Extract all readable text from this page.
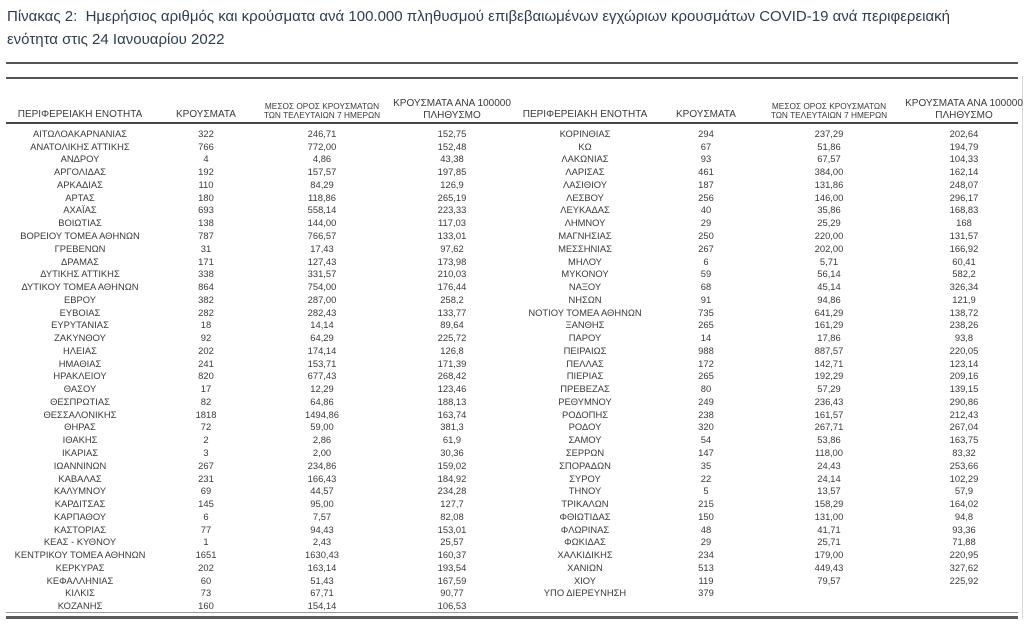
Πίνακας 2:  Ημερήσιος αριθμός και κρούσματα ανά 100.000 πληθυσμού επιβεβαιωμένων εγχώριων κρουσμάτων COVID-19 ανά περιφερειακή
ενότητα στις 24 Ιανουαρίου 2022
ΠΕΡΙΦΕΡΕΙΑΚΗ ΕΝΟΤΗΤΑ	ΚΡΟΥΣΜΑΤΑ
ΜΕΣΟΣ ΟΡΟΣ ΚΡΟΥΣΜΑΤΩΝ
ΤΩΝ ΤΕΛΕΥΤΑΙΩΝ 7 ΗΜΕΡΩΝ
ΚΡΟΥΣΜΑΤΑ ΑΝΑ 100000
ΠΛΗΘΥΣΜΟ
ΑΙΤΩΛΟΑΚΑΡΝΑΝΙΑΣ	322	246,71	152,75
ΑΝΑΤΟΛΙΚΗΣ ΑΤΤΙΚΗΣ	766	772,00	152,48
ΑΝΔΡΟΥ	4	4,86	43,38
ΑΡΓΟΛΙΔΑΣ	192	157,57	197,85
ΑΡΚΑΔΙΑΣ	110	84,29	126,9
ΑΡΤΑΣ	180	118,86	265,19
ΑΧΑΪΑΣ	693	558,14	223,33
ΒΟΙΩΤΙΑΣ	138	144,00	117,03
ΒΟΡΕΙΟΥ ΤΟΜΕΑ ΑΘΗΝΩΝ	787	766,57	133,01
ΓΡΕΒΕΝΩΝ	31	17,43	97,62
ΔΡΑΜΑΣ	171	127,43	173,98
ΔΥΤΙΚΗΣ ΑΤΤΙΚΗΣ	338	331,57	210,03
ΔΥΤΙΚΟΥ ΤΟΜΕΑ ΑΘΗΝΩΝ	864	754,00	176,44
ΕΒΡΟΥ	382	287,00	258,2
ΕΥΒΟΙΑΣ	282	282,43	133,77
ΕΥΡΥΤΑΝΙΑΣ	18	14,14	89,64
ΖΑΚΥΝΘΟΥ	92	64,29	225,72
ΗΛΕΙΑΣ	202	174,14	126,8
ΗΜΑΘΙΑΣ	241	153,71	171,39
ΗΡΑΚΛΕΙΟΥ	820	677,43	268,42
ΘΑΣΟΥ	17	12,29	123,46
ΘΕΣΠΡΩΤΙΑΣ	82	64,86	188,13
ΘΕΣΣΑΛΟΝΙΚΗΣ	1818	1494,86	163,74
ΘΗΡΑΣ	72	59,00	381,3
ΙΘΑΚΗΣ	2	2,86	61,9
ΙΚΑΡΙΑΣ	3	2,00	30,36
ΙΩΑΝΝΙΝΩΝ	267	234,86	159,02
ΚΑΒΑΛΑΣ	231	166,43	184,92
ΚΑΛΥΜΝΟΥ	69	44,57	234,28
ΚΑΡΔΙΤΣΑΣ	145	95,00	127,7
ΚΑΡΠΑΘΟΥ	6	7,57	82,08
ΚΑΣΤΟΡΙΑΣ	77	94,43	153,01
ΚΕΑΣ - ΚΥΘΝΟΥ	1	2,43	25,57
ΚΕΝΤΡΙΚΟΥ ΤΟΜΕΑ ΑΘΗΝΩΝ	1651	1630,43	160,37
ΚΕΡΚΥΡΑΣ	202	163,14	193,54
ΚΕΦΑΛΛΗΝΙΑΣ	60	51,43	167,59
ΚΙΛΚΙΣ	73	67,71	90,77
ΚΟΖΑΝΗΣ	160	154,14	106,53
ΠΕΡΙΦΕΡΕΙΑΚΗ ΕΝΟΤΗΤΑ	ΚΡΟΥΣΜΑΤΑ
ΜΕΣΟΣ ΟΡΟΣ ΚΡΟΥΣΜΑΤΩΝ
ΤΩΝ ΤΕΛΕΥΤΑΙΩΝ 7 ΗΜΕΡΩΝ
ΚΡΟΥΣΜΑΤΑ ΑΝΑ 100000
ΠΛΗΘΥΣΜΟ
ΚΟΡΙΝΘΙΑΣ	294	237,29	202,64
ΚΩ	67	51,86	194,79
ΛΑΚΩΝΙΑΣ	93	67,57	104,33
ΛΑΡΙΣΑΣ	461	384,00	162,14
ΛΑΣΙΘΙΟΥ	187	131,86	248,07
ΛΕΣΒΟΥ	256	146,00	296,17
ΛΕΥΚΑΔΑΣ	40	35,86	168,83
ΛΗΜΝΟΥ	29	25,29	168
ΜΑΓΝΗΣΙΑΣ	250	220,00	131,57
ΜΕΣΣΗΝΙΑΣ	267	202,00	166,92
ΜΗΛΟΥ	6	5,71	60,41
ΜΥΚΟΝΟΥ	59	56,14	582,2
ΝΑΞΟΥ	68	45,14	326,34
ΝΗΣΩΝ	91	94,86	121,9
ΝΟΤΙΟΥ ΤΟΜΕΑ ΑΘΗΝΩΝ	735	641,29	138,72
ΞΑΝΘΗΣ	265	161,29	238,26
ΠΑΡΟΥ	14	17,86	93,8
ΠΕΙΡΑΙΩΣ	988	887,57	220,05
ΠΕΛΛΑΣ	172	142,71	123,14
ΠΙΕΡΙΑΣ	265	192,29	209,16
ΠΡΕΒΕΖΑΣ	80	57,29	139,15
ΡΕΘΥΜΝΟΥ	249	236,43	290,86
ΡΟΔΟΠΗΣ	238	161,57	212,43
ΡΟΔΟΥ	320	267,71	267,04
ΣΑΜΟΥ	54	53,86	163,75
ΣΕΡΡΩΝ	147	118,00	83,32
ΣΠΟΡΑΔΩΝ	35	24,43	253,66
ΣΥΡΟΥ	22	24,14	102,29
ΤΗΝΟΥ	5	13,57	57,9
ΤΡΙΚΑΛΩΝ	215	158,29	164,02
ΦΘΙΩΤΙΔΑΣ	150	131,00	94,8
ΦΛΩΡΙΝΑΣ	48	41,71	93,36
ΦΩΚΙΔΑΣ	29	25,71	71,88
ΧΑΛΚΙΔΙΚΗΣ	234	179,00	220,95
ΧΑΝΙΩΝ	513	449,43	327,62
ΧΙΟΥ	119	79,57	225,92
ΥΠΟ ΔΙΕΡΕΥΝΗΣΗ	379
